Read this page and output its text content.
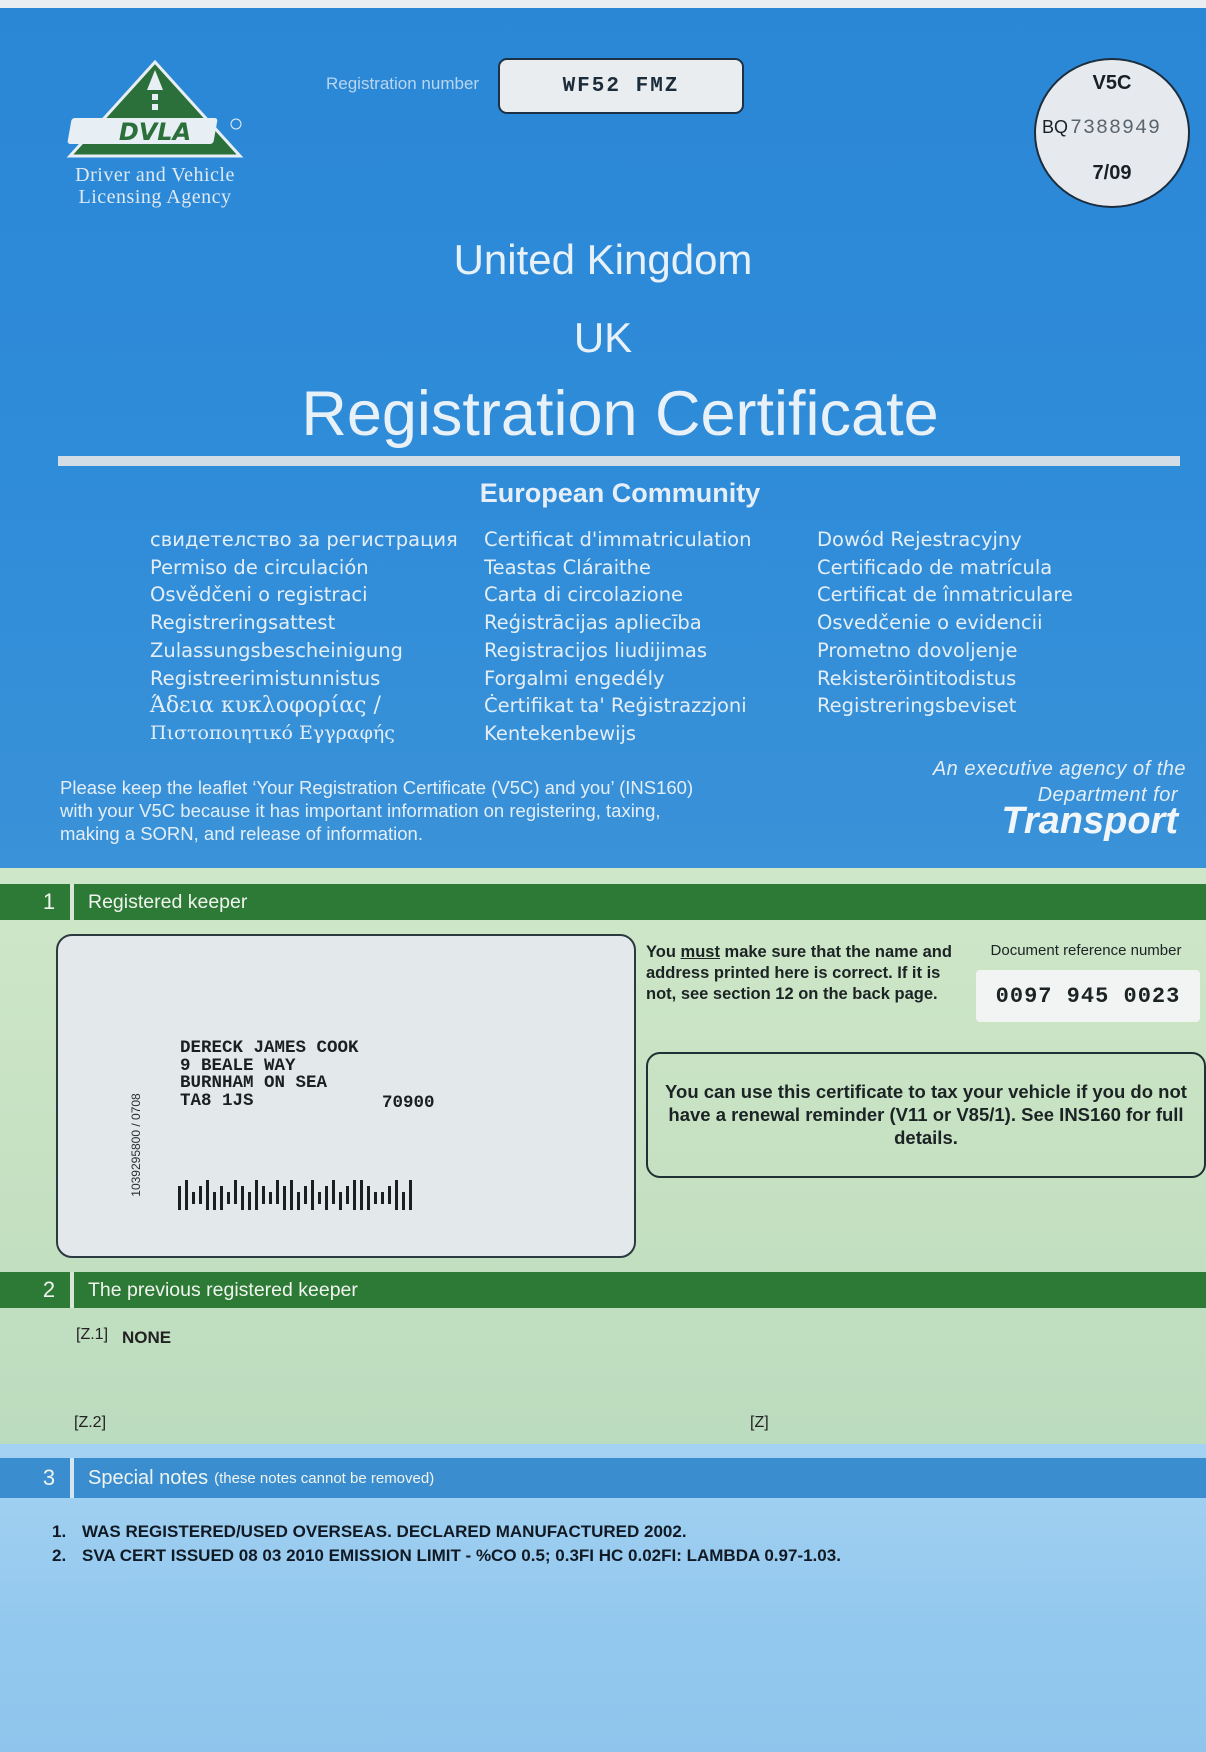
DVLA
Driver and Vehicle
Licensing Agency
Registration number	WF52 FMZ	V5C
BQ 7388949
7/09
United Kingdom
UK
Registration Certificate
European Community
свидетелство за регистрация
Permiso de circulación
Osvědčeni o registraci
Registreringsattest
Zulassungsbescheinigung
Registreerimistunnistus
Άδεια κυκλοφορίας /
Πιστοποιητικό Εγγραφής
Certificat d'immatriculation
Teastas Cláraithe
Carta di circolazione
Reģistrācijas apliecība
Registracijos liudijimas
Forgalmi engedély
Ċertifikat ta' Reġistrazzjoni
Kentekenbewijs
Dowód Rejestracyjny
Certificado de matrícula
Certificat de înmatriculare
Osvedčenie o evidencii
Prometno dovoljenje
Rekisteröintitodistus
Registreringsbeviset
Please keep the leaflet ‘Your Registration Certificate (V5C) and you’ (INS160)
with your V5C because it has important information on registering, taxing,
making a SORN, and release of information.
An executive agency of the
Department for
Transport
1	Registered keeper
1039295800 / 0708
DERECK JAMES COOK
9 BEALE WAY
BURNHAM ON SEA
TA8 1JS	70900
You must make sure that the name and address printed here is correct. If it is not, see section 12 on the back page.
Document reference number
0097 945 0023
You can use this certificate to tax your vehicle if you do not have a renewal reminder (V11 or V85/1). See INS160 for full details.
2	The previous registered keeper
[Z.1] NONE
[Z.2]	[Z]
3	Special notes (these notes cannot be removed)
1. WAS REGISTERED/USED OVERSEAS. DECLARED MANUFACTURED 2002.
2. SVA CERT ISSUED 08 03 2010 EMISSION LIMIT - %CO 0.5; 0.3FI HC 0.02FI: LAMBDA 0.97-1.03.
